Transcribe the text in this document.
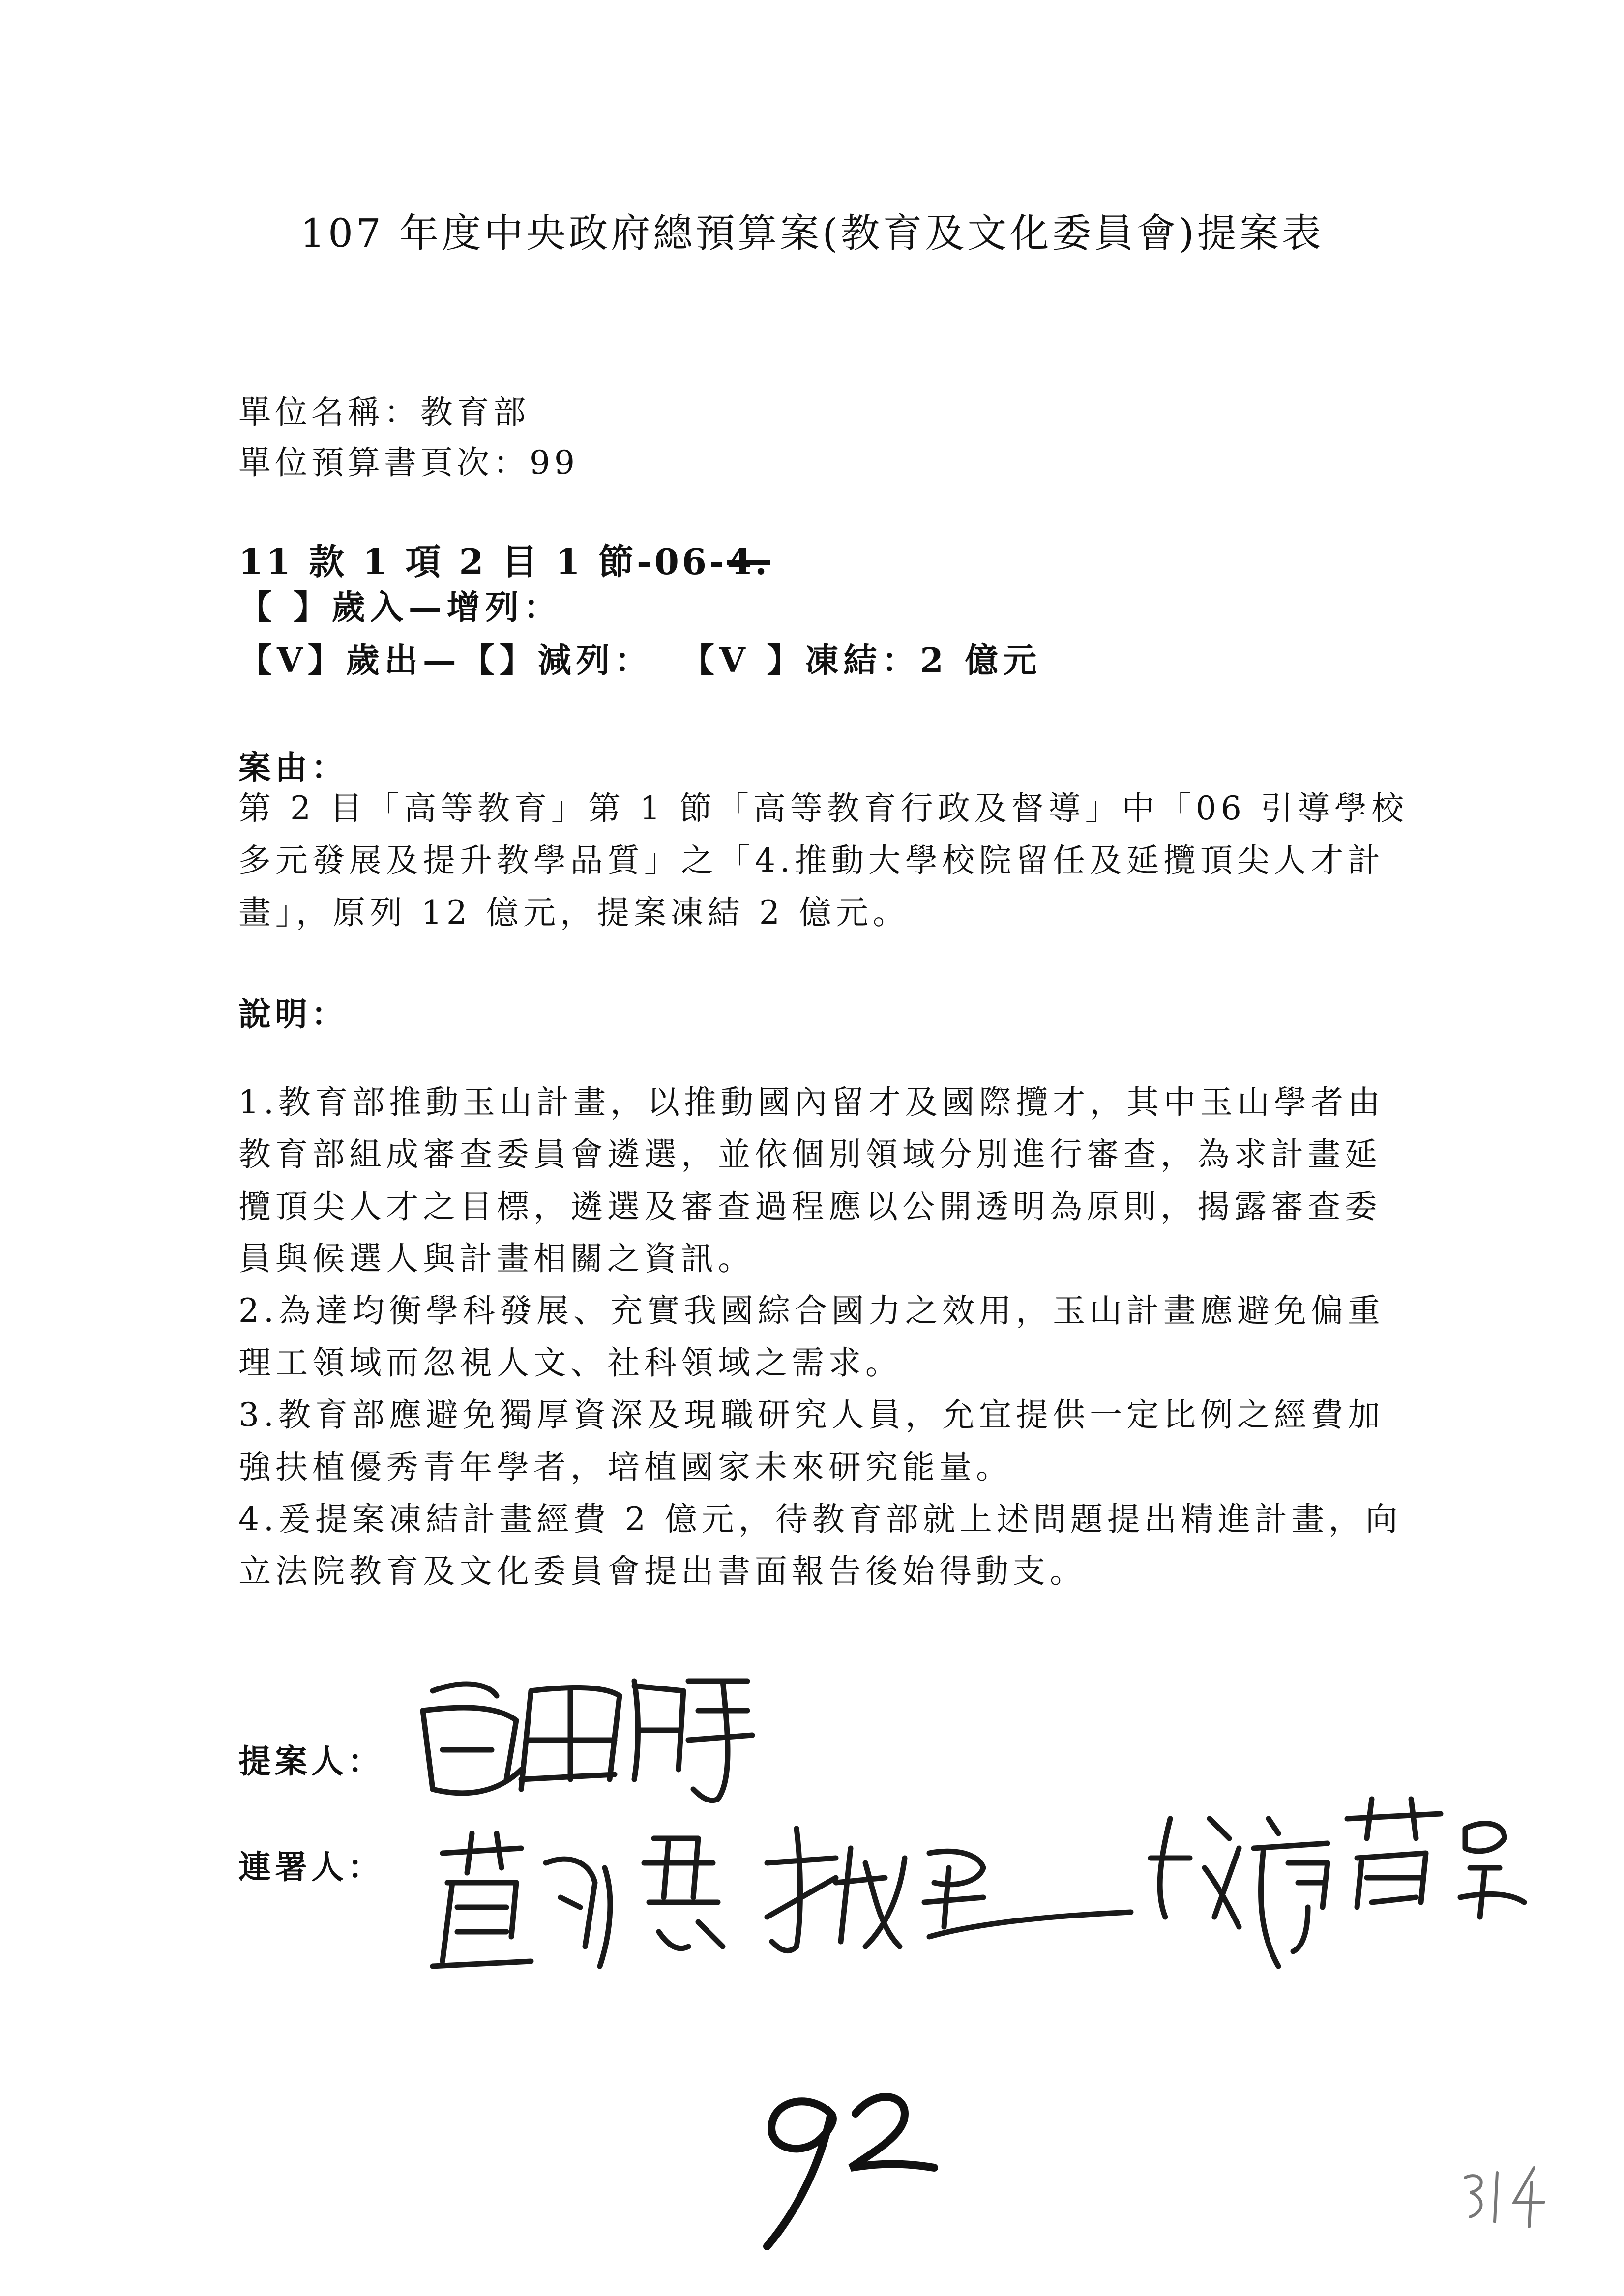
107 年度中央政府總預算案(教育及文化委員會)提案表
單位名稱：教育部
單位預算書頁次：99
11 款 1 項 2 目 1 節-06-4.
【 】歲入—增列：
【V】歲出—【】減列： 【V 】凍結：2 億元
案由：

第 2 目「高等教育」第 1 節「高等教育行政及督導」中「06 引導學校多元發展及提升教學品質」之「4.推動大學校院留任及延攬頂尖人才計畫」，原列 12 億元，提案凍結 2 億元。

說明：

1.教育部推動玉山計畫，以推動國內留才及國際攬才，其中玉山學者由教育部組成審查委員會遴選，並依個別領域分別進行審查，為求計畫延攬頂尖人才之目標，遴選及審查過程應以公開透明為原則，揭露審查委員與候選人與計畫相關之資訊。

2.為達均衡學科發展、充實我國綜合國力之效用，玉山計畫應避免偏重理工領域而忽視人文、社科領域之需求。

3.教育部應避免獨厚資深及現職研究人員，允宜提供一定比例之經費加強扶植優秀青年學者，培植國家未來研究能量。

4.爰提案凍結計畫經費 2 億元，待教育部就上述問題提出精進計畫，向立法院教育及文化委員會提出書面報告後始得動支。

提案人：
連署人：
